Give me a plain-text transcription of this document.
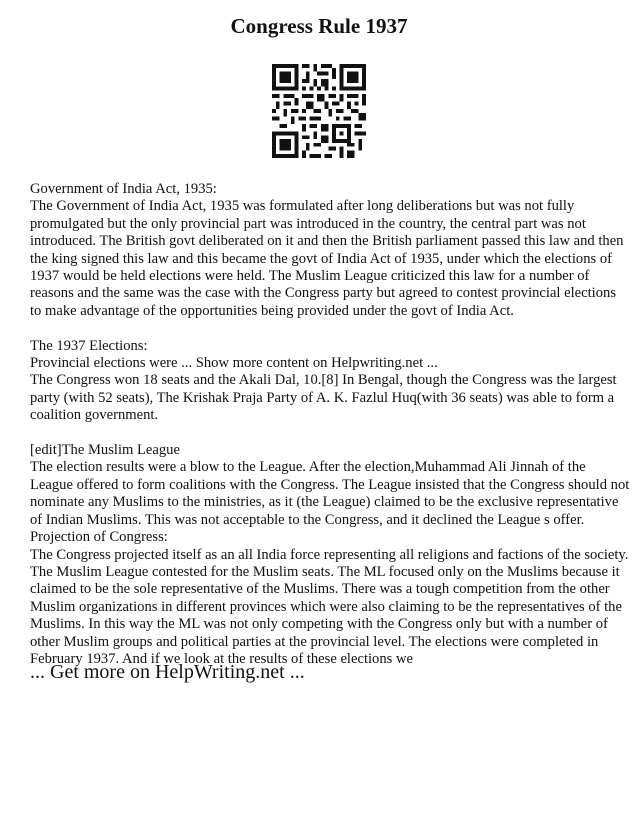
Congress Rule 1937
Government of India Act, 1935:
The Government of India Act, 1935 was formulated after long deliberations but was not fully
promulgated but the only provincial part was introduced in the country, the central part was not
introduced. The British govt deliberated on it and then the British parliament passed this law and then
the king signed this law and this became the govt of India Act of 1935, under which the elections of
1937 would be held elections were held. The Muslim League criticized this law for a number of
reasons and the same was the case with the Congress party but agreed to contest provincial elections
to make advantage of the opportunities being provided under the govt of India Act.
The 1937 Elections:
Provincial elections were ... Show more content on Helpwriting.net ...
The Congress won 18 seats and the Akali Dal, 10.[8] In Bengal, though the Congress was the largest
party (with 52 seats), The Krishak Praja Party of A. K. Fazlul Huq(with 36 seats) was able to form a
coalition government.
[edit]The Muslim League
The election results were a blow to the League. After the election,Muhammad Ali Jinnah of the
League offered to form coalitions with the Congress. The League insisted that the Congress should not
nominate any Muslims to the ministries, as it (the League) claimed to be the exclusive representative
of Indian Muslims. This was not acceptable to the Congress, and it declined the League s offer.
Projection of Congress:
The Congress projected itself as an all India force representing all religions and factions of the society.
The Muslim League contested for the Muslim seats. The ML focused only on the Muslims because it
claimed to be the sole representative of the Muslims. There was a tough competition from the other
Muslim organizations in different provinces which were also claiming to be the representatives of the
Muslims. In this way the ML was not only competing with the Congress only but with a number of
other Muslim groups and political parties at the provincial level. The elections were completed in
February 1937. And if we look at the results of these elections we
... Get more on HelpWriting.net ...
